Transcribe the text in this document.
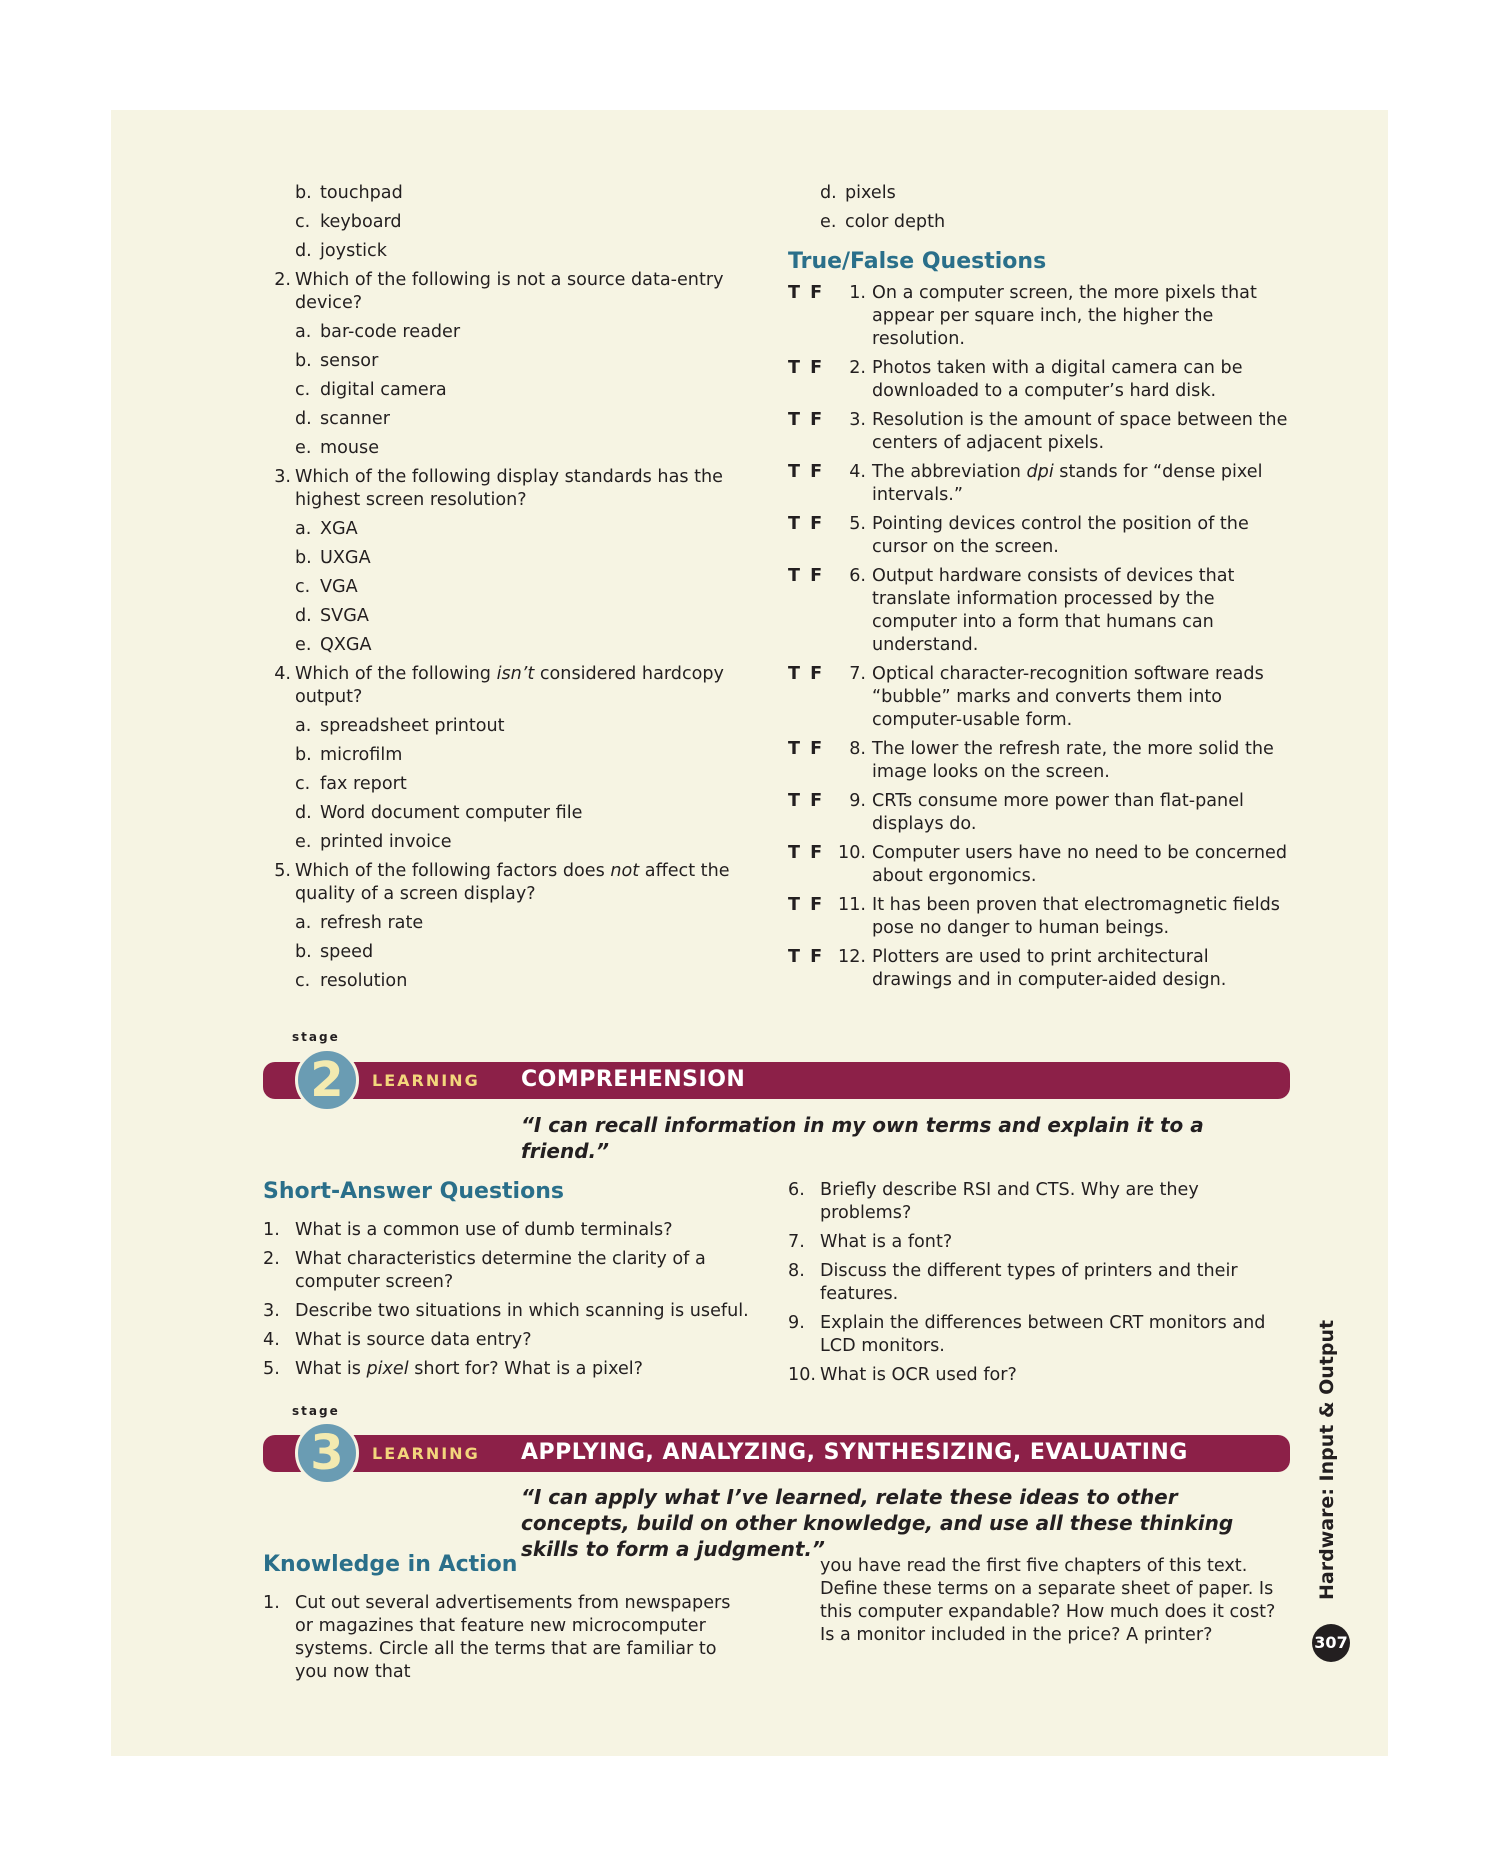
b. touchpad
c. keyboard
d. joystick
2. Which of the following is not a source data-entry device?
a. bar-code reader
b. sensor
c. digital camera
d. scanner
e. mouse
3. Which of the following display standards has the highest screen resolution?
a. XGA
b. UXGA
c. VGA
d. SVGA
e. QXGA
4. Which of the following isn’t considered hardcopy output?
a. spreadsheet printout
b. microfilm
c. fax report
d. Word document computer file
e. printed invoice
5. Which of the following factors does not affect the quality of a screen display?
a. refresh rate
b. speed
c. resolution
d. pixels
e. color depth
True/False Questions
T F	1. On a computer screen, the more pixels that appear per square inch, the higher the resolution.
T F	2. Photos taken with a digital camera can be downloaded to a computer’s hard disk.
T F	3. Resolution is the amount of space between the centers of adjacent pixels.
T F	4. The abbreviation dpi stands for “dense pixel intervals.”
T F	5. Pointing devices control the position of the cursor on the screen.
T F	6. Output hardware consists of devices that translate information processed by the computer into a form that humans can understand.
T F	7. Optical character-recognition software reads “bubble” marks and converts them into computer-usable form.
T F	8. The lower the refresh rate, the more solid the image looks on the screen.
T F	9. CRTs consume more power than flat-panel displays do.
T F 10. Computer users have no need to be concerned about ergonomics.
T F 11. It has been proven that electromagnetic fields pose no danger to human beings.
T F 12. Plotters are used to print architectural drawings and in computer-aided design.
stage
2	LEARNING COMPREHENSION
“I can recall information in my own terms and explain it to a friend.”
Short-Answer Questions
1. What is a common use of dumb terminals?
2. What characteristics determine the clarity of a computer screen?
3. Describe two situations in which scanning is useful.
4. What is source data entry?
5. What is pixel short for? What is a pixel?
6. Briefly describe RSI and CTS. Why are they problems?
7. What is a font?
8. Discuss the different types of printers and their features.
9. Explain the differences between CRT monitors and LCD monitors.
10. What is OCR used for?
stage
3	LEARNING APPLYING, ANALYZING, SYNTHESIZING, EVALUATING
“I can apply what I’ve learned, relate these ideas to other concepts, build on other knowledge, and use all these thinking skills to form a judgment.”
Knowledge in Action
1. Cut out several advertisements from newspapers or magazines that feature new microcomputer systems. Circle all the terms that are familiar to you now that
you have read the first five chapters of this text. Define these terms on a separate sheet of paper. Is this computer expandable? How much does it cost? Is a monitor included in the price? A printer?
Hardware: Input & Output
307
